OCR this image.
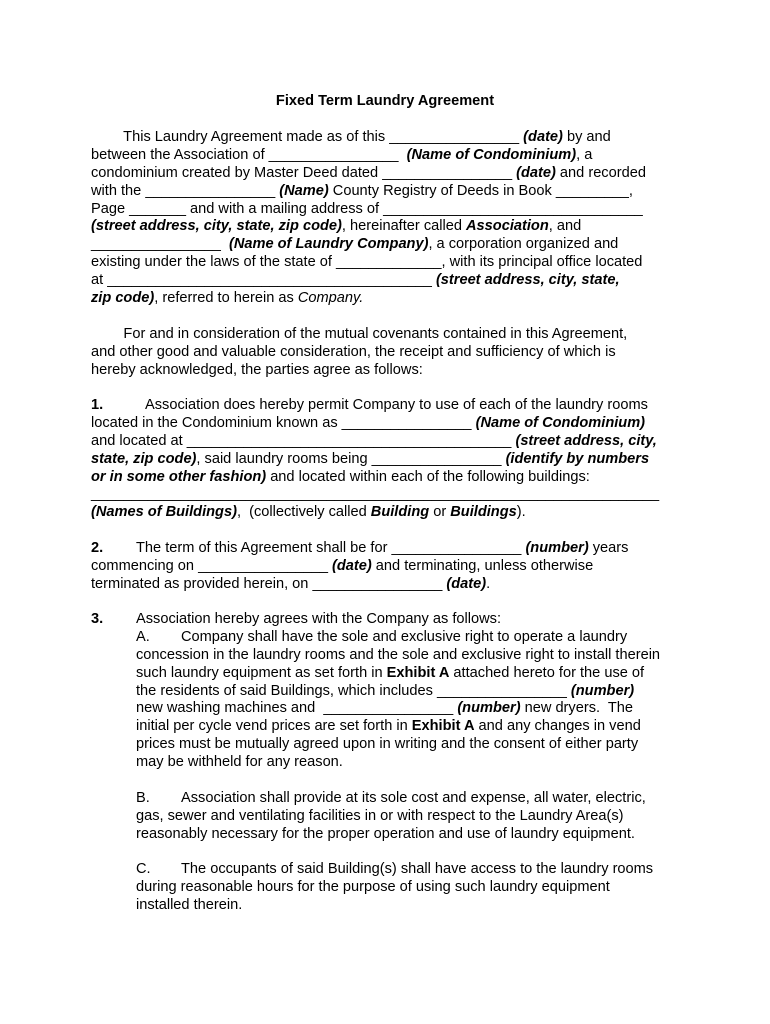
Fixed Term Laundry Agreement
This Laundry Agreement made as of this ________________ (date) by and
between the Association of ________________  (Name of Condominium), a
condominium created by Master Deed dated ________________ (date) and recorded
with the ________________ (Name) County Registry of Deeds in Book _________,
Page _______ and with a mailing address of ________________________________
(street address, city, state, zip code), hereinafter called Association, and
________________  (Name of Laundry Company), a corporation organized and
existing under the laws of the state of _____________, with its principal office located
at ________________________________________ (street address, city, state,
zip code), referred to herein as Company.
For and in consideration of the mutual covenants contained in this Agreement,
and other good and valuable consideration, the receipt and sufficiency of which is
hereby acknowledged, the parties agree as follows:
1.	Association does hereby permit Company to use of each of the laundry rooms
located in the Condominium known as ________________ (Name of Condominium)
and located at ________________________________________ (street address, city,
state, zip code), said laundry rooms being ________________ (identify by numbers
or in some other fashion) and located within each of the following buildings:
______________________________________________________________________
(Names of Buildings),  (collectively called Building or Buildings).
2. The term of this Agreement shall be for ________________ (number) years
commencing on ________________ (date) and terminating, unless otherwise
terminated as provided herein, on ________________ (date).
3. Association hereby agrees with the Company as follows:
A. Company shall have the sole and exclusive right to operate a laundry
concession in the laundry rooms and the sole and exclusive right to install therein
such laundry equipment as set forth in Exhibit A attached hereto for the use of
the residents of said Buildings, which includes ________________ (number)
new washing machines and  ________________ (number) new dryers.  The
initial per cycle vend prices are set forth in Exhibit A and any changes in vend
prices must be mutually agreed upon in writing and the consent of either party
may be withheld for any reason.
B. Association shall provide at its sole cost and expense, all water, electric,
gas, sewer and ventilating facilities in or with respect to the Laundry Area(s)
reasonably necessary for the proper operation and use of laundry equipment.
C. The occupants of said Building(s) shall have access to the laundry rooms
during reasonable hours for the purpose of using such laundry equipment
installed therein.
